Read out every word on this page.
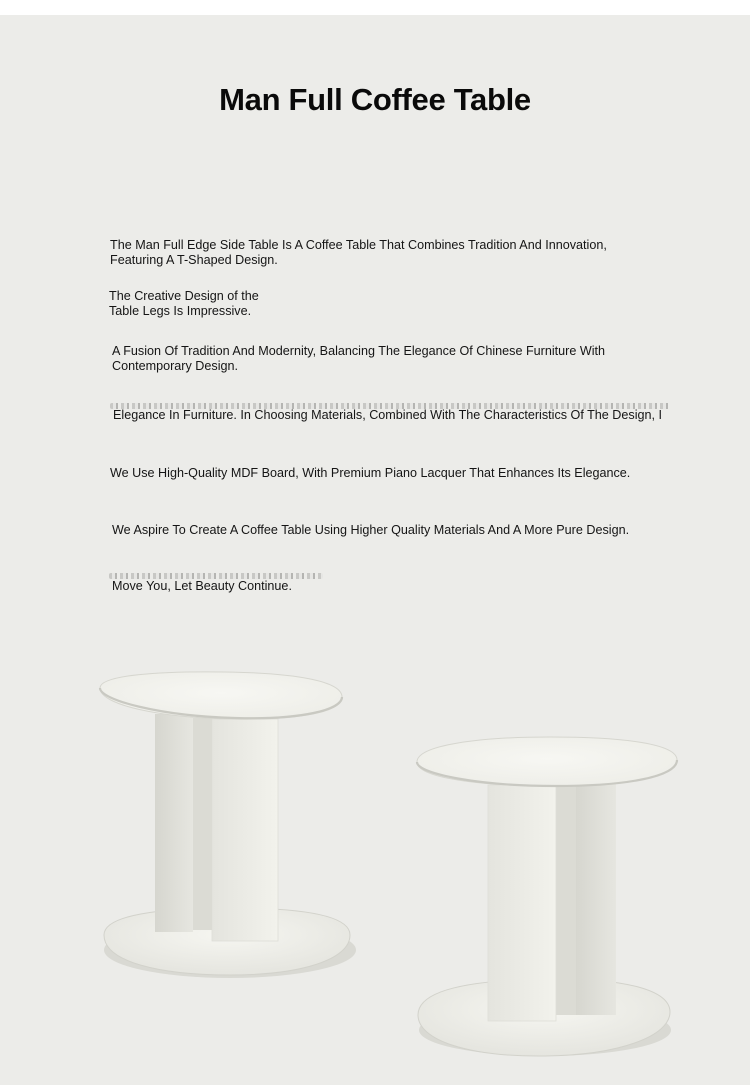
Man Full Coffee Table

The Man Full Edge Side Table Is A Coffee Table That Combines Tradition And Innovation,
Featuring A T-Shaped Design.

The Creative Design of the
Table Legs Is Impressive.

A Fusion Of Tradition And Modernity, Balancing The Elegance Of Chinese Furniture With
Contemporary Design.

Elegance In Furniture. In Choosing Materials, Combined With The Characteristics Of The Design, I

We Use High-Quality MDF Board, With Premium Piano Lacquer That Enhances Its Elegance.

We Aspire To Create A Coffee Table Using Higher Quality Materials And A More Pure Design.

Move You, Let Beauty Continue.
